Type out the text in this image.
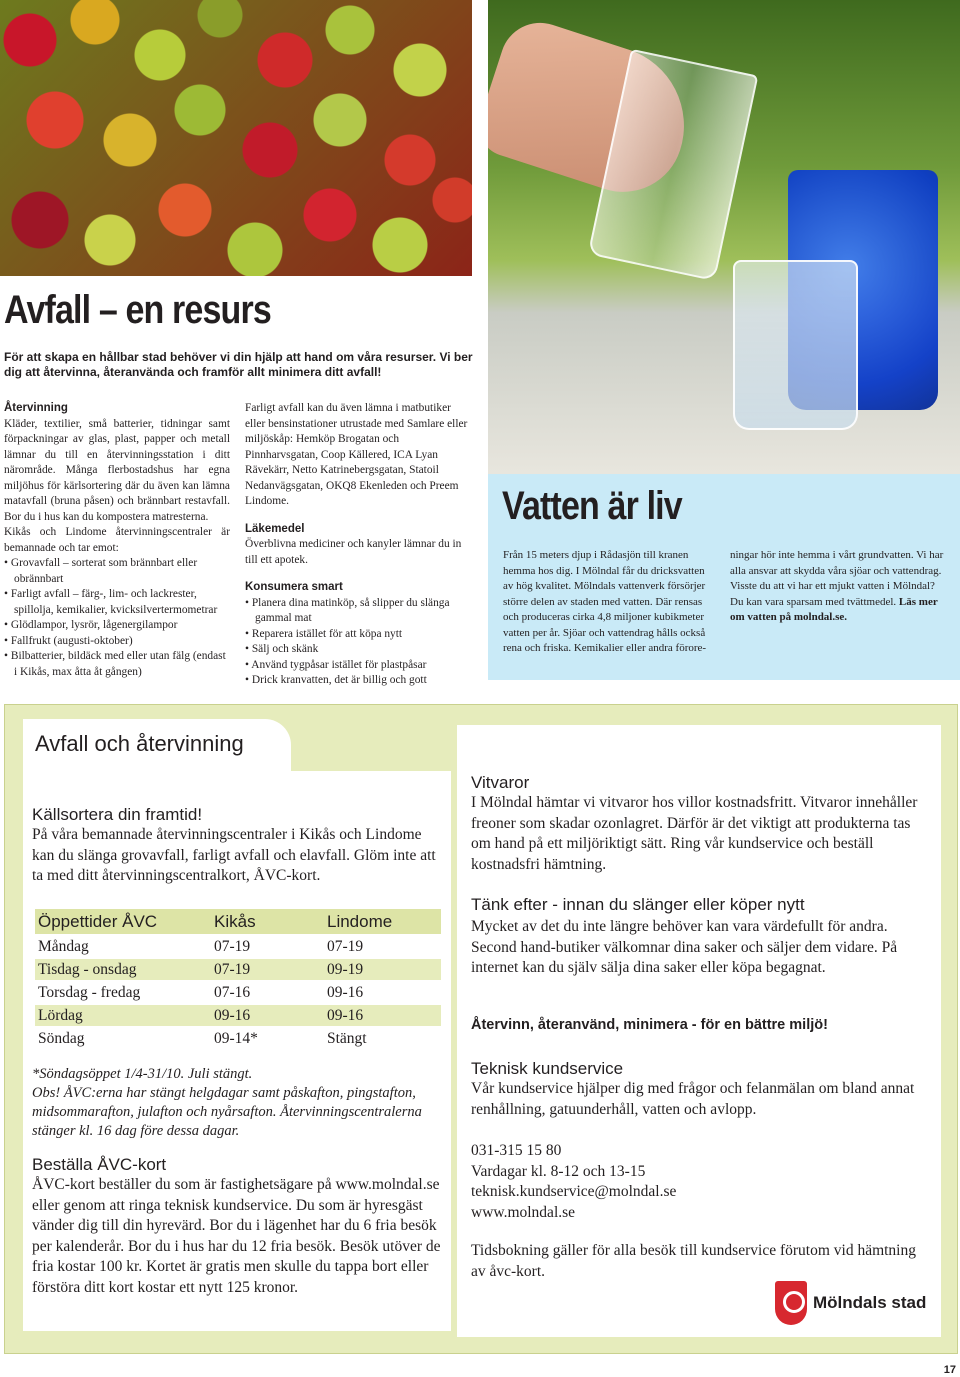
Avfall – en resurs

För att skapa en hållbar stad behöver vi din hjälp att hand om våra resurser. Vi ber dig att återvinna, återanvända och framför allt minimera ditt avfall!

Återvinning

Kläder, textilier, små batterier, tidningar samt förpackningar av glas, plast, papper och metall lämnar du till en återvinningsstation i ditt närområde. Många flerbostadshus har egna miljöhus för kärlsortering där du även kan lämna matavfall (bruna påsen) och brännbart restavfall. Bor du i hus kan du kompostera matresterna.

Kikås och Lindome återvinningscentraler är bemannade och tar emot:

• Grovavfall – sorterat som brännbart eller obrännbart
• Farligt avfall – färg-, lim- och lackrester, spillolja, kemikalier, kvicksilvertermometrar
• Glödlampor, lysrör, lågenergilampor
• Fallfrukt (augusti-oktober)
• Bilbatterier, bildäck med eller utan fälg (endast i Kikås, max åtta åt gången)

Farligt avfall kan du även lämna i matbutiker eller bensinstationer utrustade med Samlare eller miljöskåp: Hemköp Brogatan och Pinnharvsgatan, Coop Källered, ICA Lyan Rävekärr, Netto Katrinebergsgatan, Statoil Nedanvägsgatan, OKQ8 Ekenleden och Preem Lindome.

Läkemedel

Överblivna mediciner och kanyler lämnar du in till ett apotek.

Konsumera smart
• Planera dina matinköp, så slipper du slänga gammal mat
• Reparera istället för att köpa nytt
• Sälj och skänk
• Använd tygpåsar istället för plastpåsar
• Drick kranvatten, det är billig och gott
Vatten är liv

Från 15 meters djup i Rådasjön till kranen hemma hos dig. I Mölndal får du dricksvatten av hög kvalitet. Mölndals vattenverk försörjer större delen av staden med vatten. Där rensas och produceras cirka 4,8 miljoner kubikmeter vatten per år. Sjöar och vattendrag hålls också rena och friska. Kemikalier eller andra förore-

ningar hör inte hemma i vårt grundvatten. Vi har alla ansvar att skydda våra sjöar och vattendrag. Visste du att vi har ett mjukt vatten i Mölndal? Du kan vara sparsam med tvättmedel. Läs mer om vatten på molndal.se.

Källsortera din framtid!

På våra bemannade återvinningscentraler i Kikås och Lindome kan du slänga grovavfall, farligt avfall och elavfall. Glöm inte att ta med ditt återvinningscentralkort, ÅVC-kort.

Öppettider ÅVC	Kikås	Lindome
Måndag	07-19	07-19
Tisdag - onsdag	07-19	09-19
Torsdag - fredag	07-16	09-16
Lördag	09-16	09-16
Söndag	09-14*	Stängt

*Söndagsöppet 1/4-31/10. Juli stängt.

Obs! ÅVC:erna har stängt helgdagar samt påskafton, pingstafton, midsommarafton, julafton och nyårsafton. Återvinningscentralerna stänger kl. 16 dag före dessa dagar.

Beställa ÅVC-kort

ÅVC-kort beställer du som är fastighetsägare på www.molndal.se eller genom att ringa teknisk kundservice. Du som är hyresgäst vänder dig till din hyrevärd. Bor du i lägenhet har du 6 fria besök per kalenderår. Bor du i hus har du 12 fria besök. Besök utöver de fria kostar 100 kr. Kortet är gratis men skulle du tappa bort eller förstöra ditt kort kostar ett nytt 125 kronor.

Vitvaror

I Mölndal hämtar vi vitvaror hos villor kostnadsfritt. Vitvaror innehåller freoner som skadar ozonlagret. Därför är det viktigt att produkterna tas om hand på ett miljöriktigt sätt. Ring vår kundservice och beställ kostnadsfri hämtning.

Tänk efter - innan du slänger eller köper nytt

Mycket av det du inte längre behöver kan vara värdefullt för andra. Second hand-butiker välkomnar dina saker och säljer dem vidare. På internet kan du själv sälja dina saker eller köpa begagnat.

Återvinn, återanvänd, minimera - för en bättre miljö!

Teknisk kundservice

Vår kundservice hjälper dig med frågor och felanmälan om bland annat renhållning, gatuunderhåll, vatten och avlopp.

031-315 15 80
Vardagar kl. 8-12 och 13-15
teknisk.kundservice@molndal.se
www.molndal.se

Tidsbokning gäller för alla besök till kundservice förutom vid hämtning av åvc-kort.

Mölndals stad
Avfall och återvinning
17
